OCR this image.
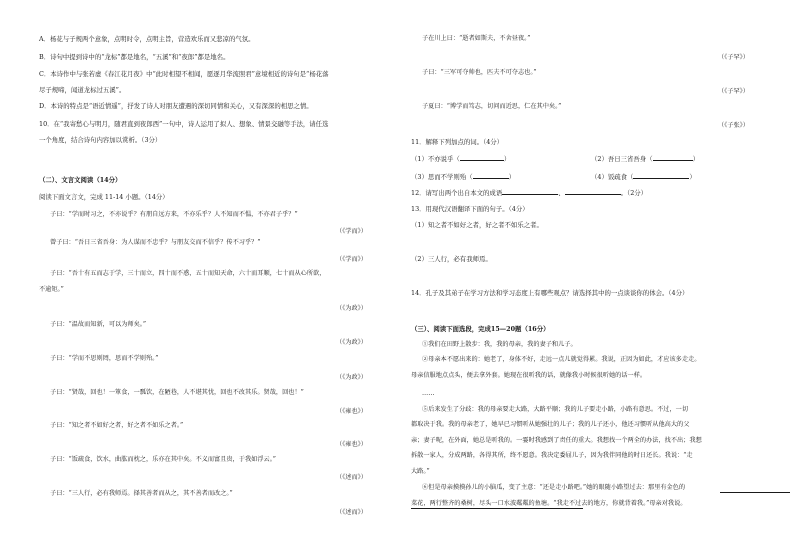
A．杨花与子规两个意象，点明时令，点明主旨，营造欢乐而又悲凉的气氛。
B．诗句中提到诗中的“龙标”都是地名，“五溪”和“夜郎”都是地名。
C．本诗作中与张若虚《春江花月夜》中“此时相望不相闻，愿逐月华流照君”意境相近的诗句是“杨花落
尽子规啼，闻道龙标过五溪”。
D．本诗的特点是“语近情遥”，抒发了诗人对朋友遭遇的深切同情和关心，又有深深的相思之情。
10．在“我寄愁心与明月，随君直到夜郎西”一句中，诗人运用了拟人、想象、情景交融等手法，请任选
一个角度，结合诗句内容加以赏析。（3分）
（二）、文言文阅读（14分）
阅读下面文言文，完成 11-14 小题。（14分）
子曰：“学而时习之，不亦说乎？有朋自远方来，不亦乐乎？人不知而不愠，不亦君子乎？”
（《学而》）
曾子曰：“吾日三省吾身：为人谋而不忠乎？与朋友交而不信乎？传不习乎？”
（《学而》）
子曰：“吾十有五而志于学，三十而立，四十而不惑，五十而知天命，六十而耳顺，七十而从心所欲，
不逾矩。”
（《为政》）
子曰：“温故而知新，可以为师矣。”
（《为政》）
子曰：“学而不思则罔，思而不学则殆。”
（《为政》）
子曰：“贤哉，回也！一箪食，一瓢饮，在陋巷，人不堪其忧，回也不改其乐。贤哉，回也！”
（《雍也》）
子曰：“知之者不如好之者，好之者不如乐之者。”
（《雍也》）
子曰：“饭疏食，饮水，曲肱而枕之，乐亦在其中矣。不义而富且贵，于我如浮云。”
（《述而》）
子曰：“三人行，必有我师焉。择其善者而从之，其不善者而改之。”
（《述而》）
子在川上曰：“逝者如斯夫，不舍昼夜。”
（《子罕》）
子曰：“三军可夺帅也，匹夫不可夺志也。”
（《子罕》）
子夏曰：“博学而笃志，切问而近思，仁在其中矣。”
（《子张》）
11．解释下列加点的词。（4分）
（1）不亦说乎（	）	（2）吾日三省吾身（	）
（3）思而不学则殆（	）	（4）饭疏食（	）
12．请写出两个出自本文的成语	、	。（2分）
13．用现代汉语翻译下面的句子。（4分）
（1）知之者不如好之者，好之者不如乐之者。
（2）三人行，必有我师焉。
14．孔子及其弟子在学习方法和学习态度上有哪些观点？请选择其中的一点谈谈你的体会。（4分）
（三）、阅读下面选段，完成15—20题（16分）
①我们在田野上散步：我，我的母亲，我的妻子和儿子。
②母亲本不愿出来的：她老了，身体不好，走远一点儿就觉得累。我说，正因为如此，才应该多走走。
母亲信服地点点头，便去拿外套。她现在很听我的话，就像我小时候很听她的话一样。
……
⑤后来发生了分歧：我的母亲要走大路，大路平顺；我的儿子要走小路，小路有意思。不过，一切
都取决于我。我的母亲老了，她早已习惯听从她强壮的儿子；我的儿子还小，他还习惯听从他高大的父
亲；妻子呢，在外面，她总是听我的。一霎时我感到了责任的重大。我想找一个两全的办法，找不出；我想
拆散一家人，分成两路，各得其所，终不愿意。我决定委屈儿子，因为我伴同他的时日还长。我说：“走
大路。”
⑥但是母亲摸摸孙儿的小脑瓜，变了主意：“还是走小路吧。”她的眼随小路望过去：那里有金色的
菜花，两行整齐的桑树，尽头一口水波粼粼的鱼塘。“我走不过去的地方，你就背着我。”母亲对我说。
